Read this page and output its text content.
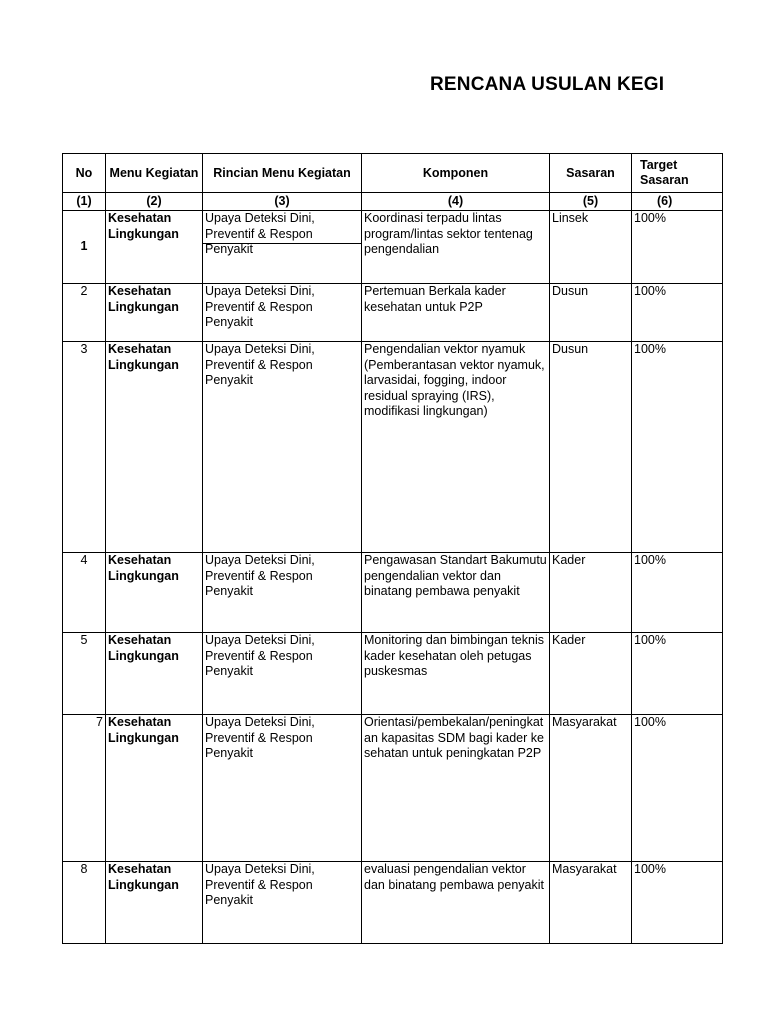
RENCANA USULAN KEGI
No	Menu Kegiatan	Rincian Menu Kegiatan	Komponen	Sasaran	Target Sasaran
(1)	(2)	(3)	(4)	(5)	(6)
1	Kesehatan Lingkungan	Upaya Deteksi Dini, Preventif & Respon Penyakit	Koordinasi terpadu lintas program/lintas sektor tentenag pengendalian	Linsek	100%
2	Kesehatan Lingkungan	Upaya Deteksi Dini, Preventif & Respon Penyakit	Pertemuan Berkala kader kesehatan untuk P2P	Dusun	100%
3	Kesehatan Lingkungan	Upaya Deteksi Dini, Preventif & Respon Penyakit	Pengendalian vektor nyamuk (Pemberantasan vektor nyamuk, larvasidai, fogging, indoor residual spraying (IRS), modifikasi lingkungan)	Dusun	100%
4	Kesehatan Lingkungan	Upaya Deteksi Dini, Preventif & Respon Penyakit	Pengawasan Standart Bakumutu pengendalian vektor dan binatang pembawa penyakit	Kader	100%
5	Kesehatan Lingkungan	Upaya Deteksi Dini, Preventif & Respon Penyakit	Monitoring dan bimbingan teknis kader kesehatan oleh petugas puskesmas	Kader	100%
7	Kesehatan Lingkungan	Upaya Deteksi Dini, Preventif & Respon Penyakit	Orientasi/pembekalan/peningkatan kapasitas SDM bagi kader kesehatan untuk peningkatan P2P	Masyarakat	100%
8	Kesehatan Lingkungan	Upaya Deteksi Dini, Preventif & Respon Penyakit	evaluasi pengendalian vektor dan binatang pembawa penyakit	Masyarakat	100%
